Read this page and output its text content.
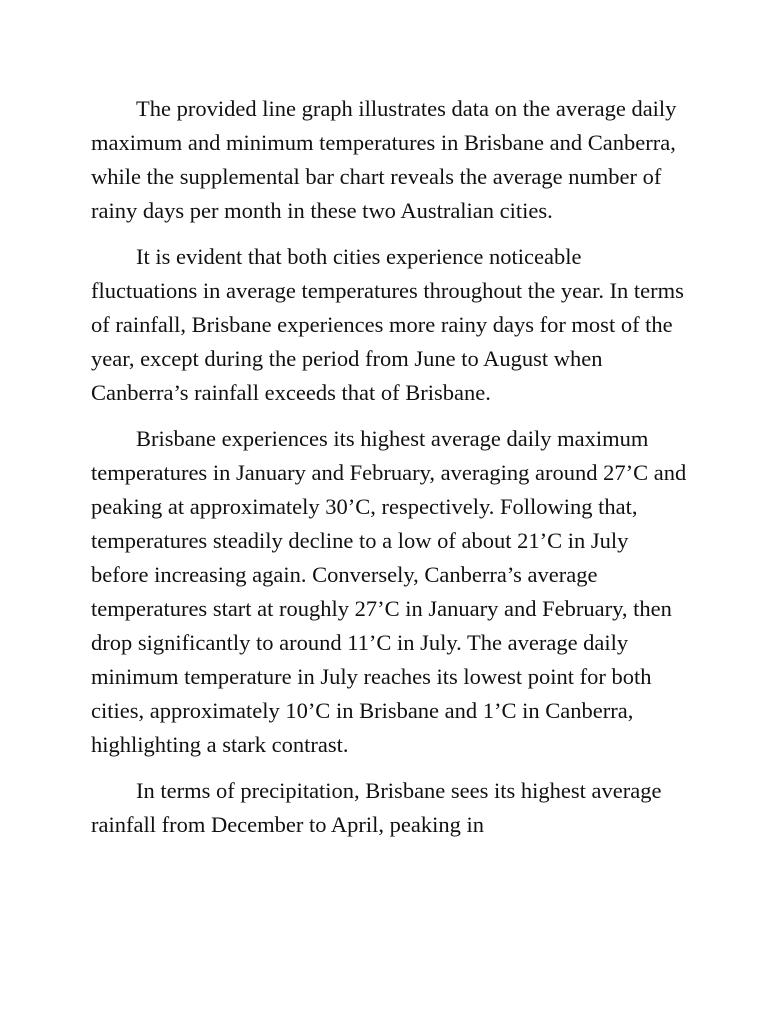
The provided line graph illustrates data on the average daily maximum and minimum temperatures in Brisbane and Canberra, while the supplemental bar chart reveals the average number of rainy days per month in these two Australian cities.

It is evident that both cities experience noticeable fluctuations in average temperatures throughout the year. In terms of rainfall, Brisbane experiences more rainy days for most of the year, except during the period from June to August when Canberra’s rainfall exceeds that of Brisbane.

Brisbane experiences its highest average daily maximum temperatures in January and February, averaging around 27’C and peaking at approximately 30’C, respectively. Following that, temperatures steadily decline to a low of about 21’C in July before increasing again. Conversely, Canberra’s average temperatures start at roughly 27’C in January and February, then drop significantly to around 11’C in July. The average daily minimum temperature in July reaches its lowest point for both cities, approximately 10’C in Brisbane and 1’C in Canberra, highlighting a stark contrast.

In terms of precipitation, Brisbane sees its highest average rainfall from December to April, peaking in
